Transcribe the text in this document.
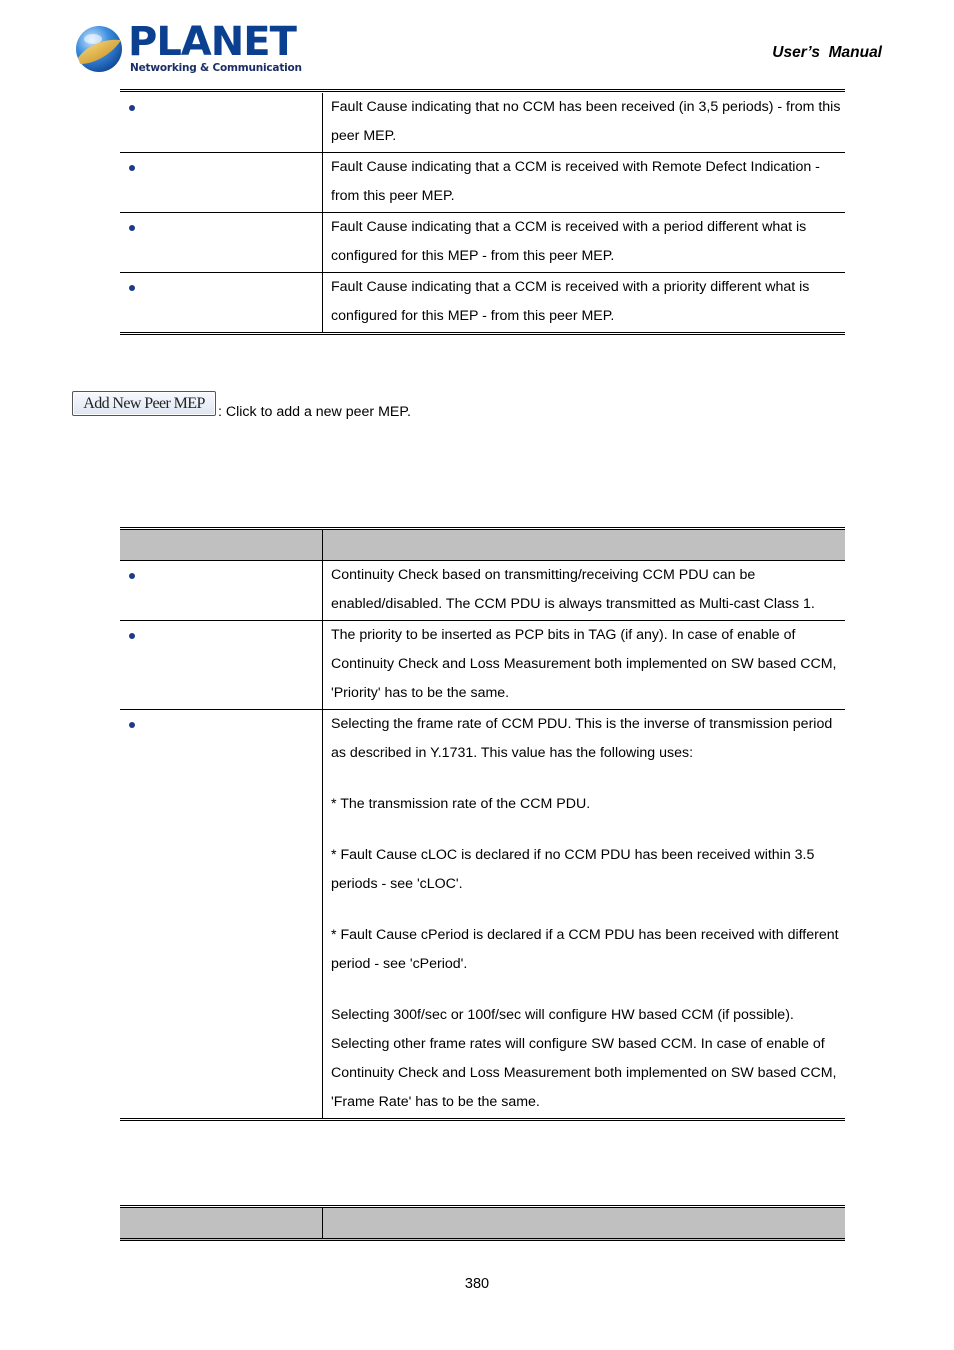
PLANET
Networking & Communication
User’s  Manual
	Fault Cause indicating that no CCM has been received (in 3,5 periods) - from this peer MEP.
	Fault Cause indicating that a CCM is received with Remote Defect Indication - from this peer MEP.
	Fault Cause indicating that a CCM is received with a period different what is configured for this MEP - from this peer MEP.
	Fault Cause indicating that a CCM is received with a priority different what is configured for this MEP - from this peer MEP.
Add New Peer MEP : Click to add a new peer MEP.

	Continuity Check based on transmitting/receiving CCM PDU can be enabled/disabled. The CCM PDU is always transmitted as Multi-cast Class 1.
	The priority to be inserted as PCP bits in TAG (if any). In case of enable of Continuity Check and Loss Measurement both implemented on SW based CCM, 'Priority' has to be the same.
	Selecting the frame rate of CCM PDU. This is the inverse of transmission period as described in Y.1731. This value has the following uses:
* The transmission rate of the CCM PDU.
* Fault Cause cLOC is declared if no CCM PDU has been received within 3.5 periods - see 'cLOC'.
* Fault Cause cPeriod is declared if a CCM PDU has been received with different period - see 'cPeriod'.
Selecting 300f/sec or 100f/sec will configure HW based CCM (if possible). Selecting other frame rates will configure SW based CCM. In case of enable of Continuity Check and Loss Measurement both implemented on SW based CCM, 'Frame Rate' has to be the same.

380
